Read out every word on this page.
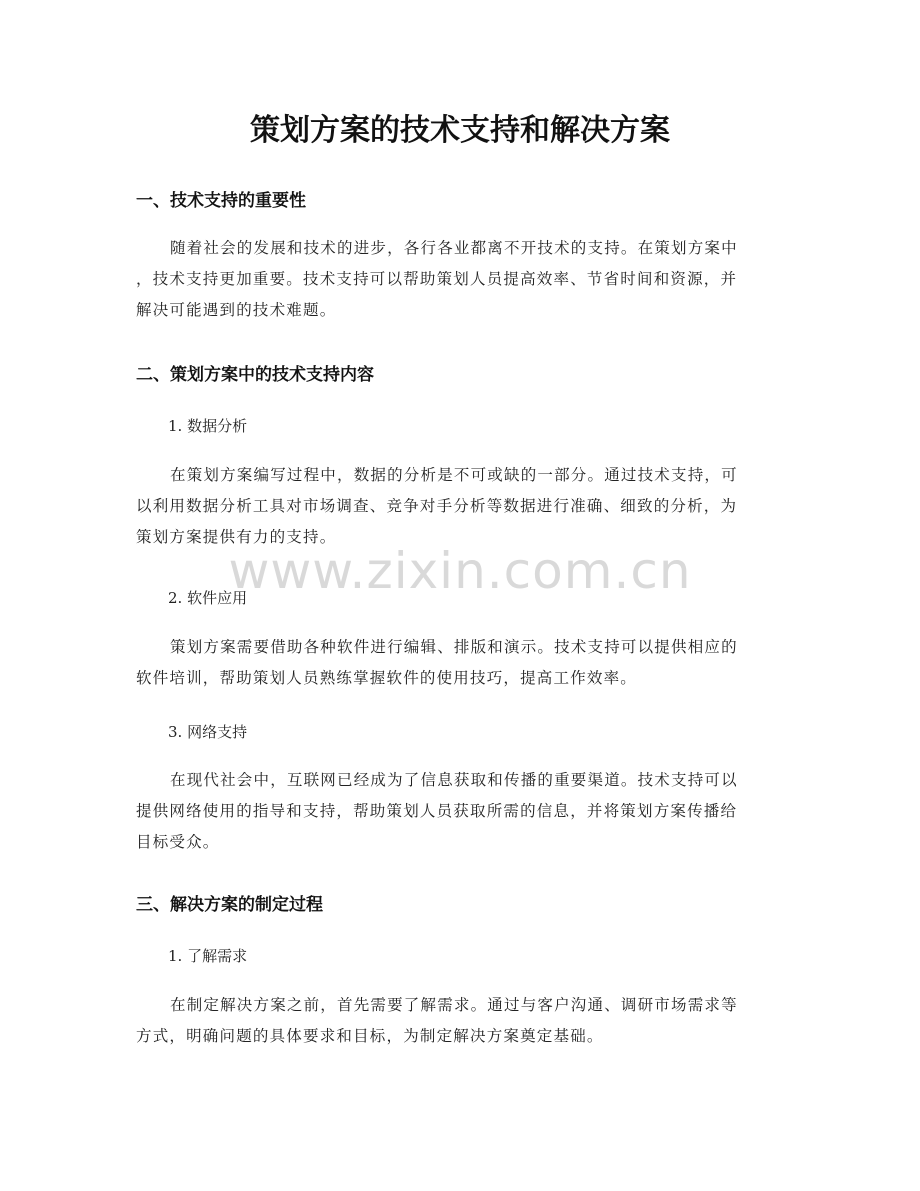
www.zixin.com.cn
策划方案的技术支持和解决方案
一、技术支持的重要性
随着社会的发展和技术的进步，各行各业都离不开技术的支持。在策划方案中
，技术支持更加重要。技术支持可以帮助策划人员提高效率、节省时间和资源，并
解决可能遇到的技术难题。
二、策划方案中的技术支持内容
1. 数据分析
在策划方案编写过程中，数据的分析是不可或缺的一部分。通过技术支持，可
以利用数据分析工具对市场调查、竞争对手分析等数据进行准确、细致的分析，为
策划方案提供有力的支持。
2. 软件应用
策划方案需要借助各种软件进行编辑、排版和演示。技术支持可以提供相应的
软件培训，帮助策划人员熟练掌握软件的使用技巧，提高工作效率。
3. 网络支持
在现代社会中，互联网已经成为了信息获取和传播的重要渠道。技术支持可以
提供网络使用的指导和支持，帮助策划人员获取所需的信息，并将策划方案传播给
目标受众。
三、解决方案的制定过程
1. 了解需求
在制定解决方案之前，首先需要了解需求。通过与客户沟通、调研市场需求等
方式，明确问题的具体要求和目标，为制定解决方案奠定基础。
